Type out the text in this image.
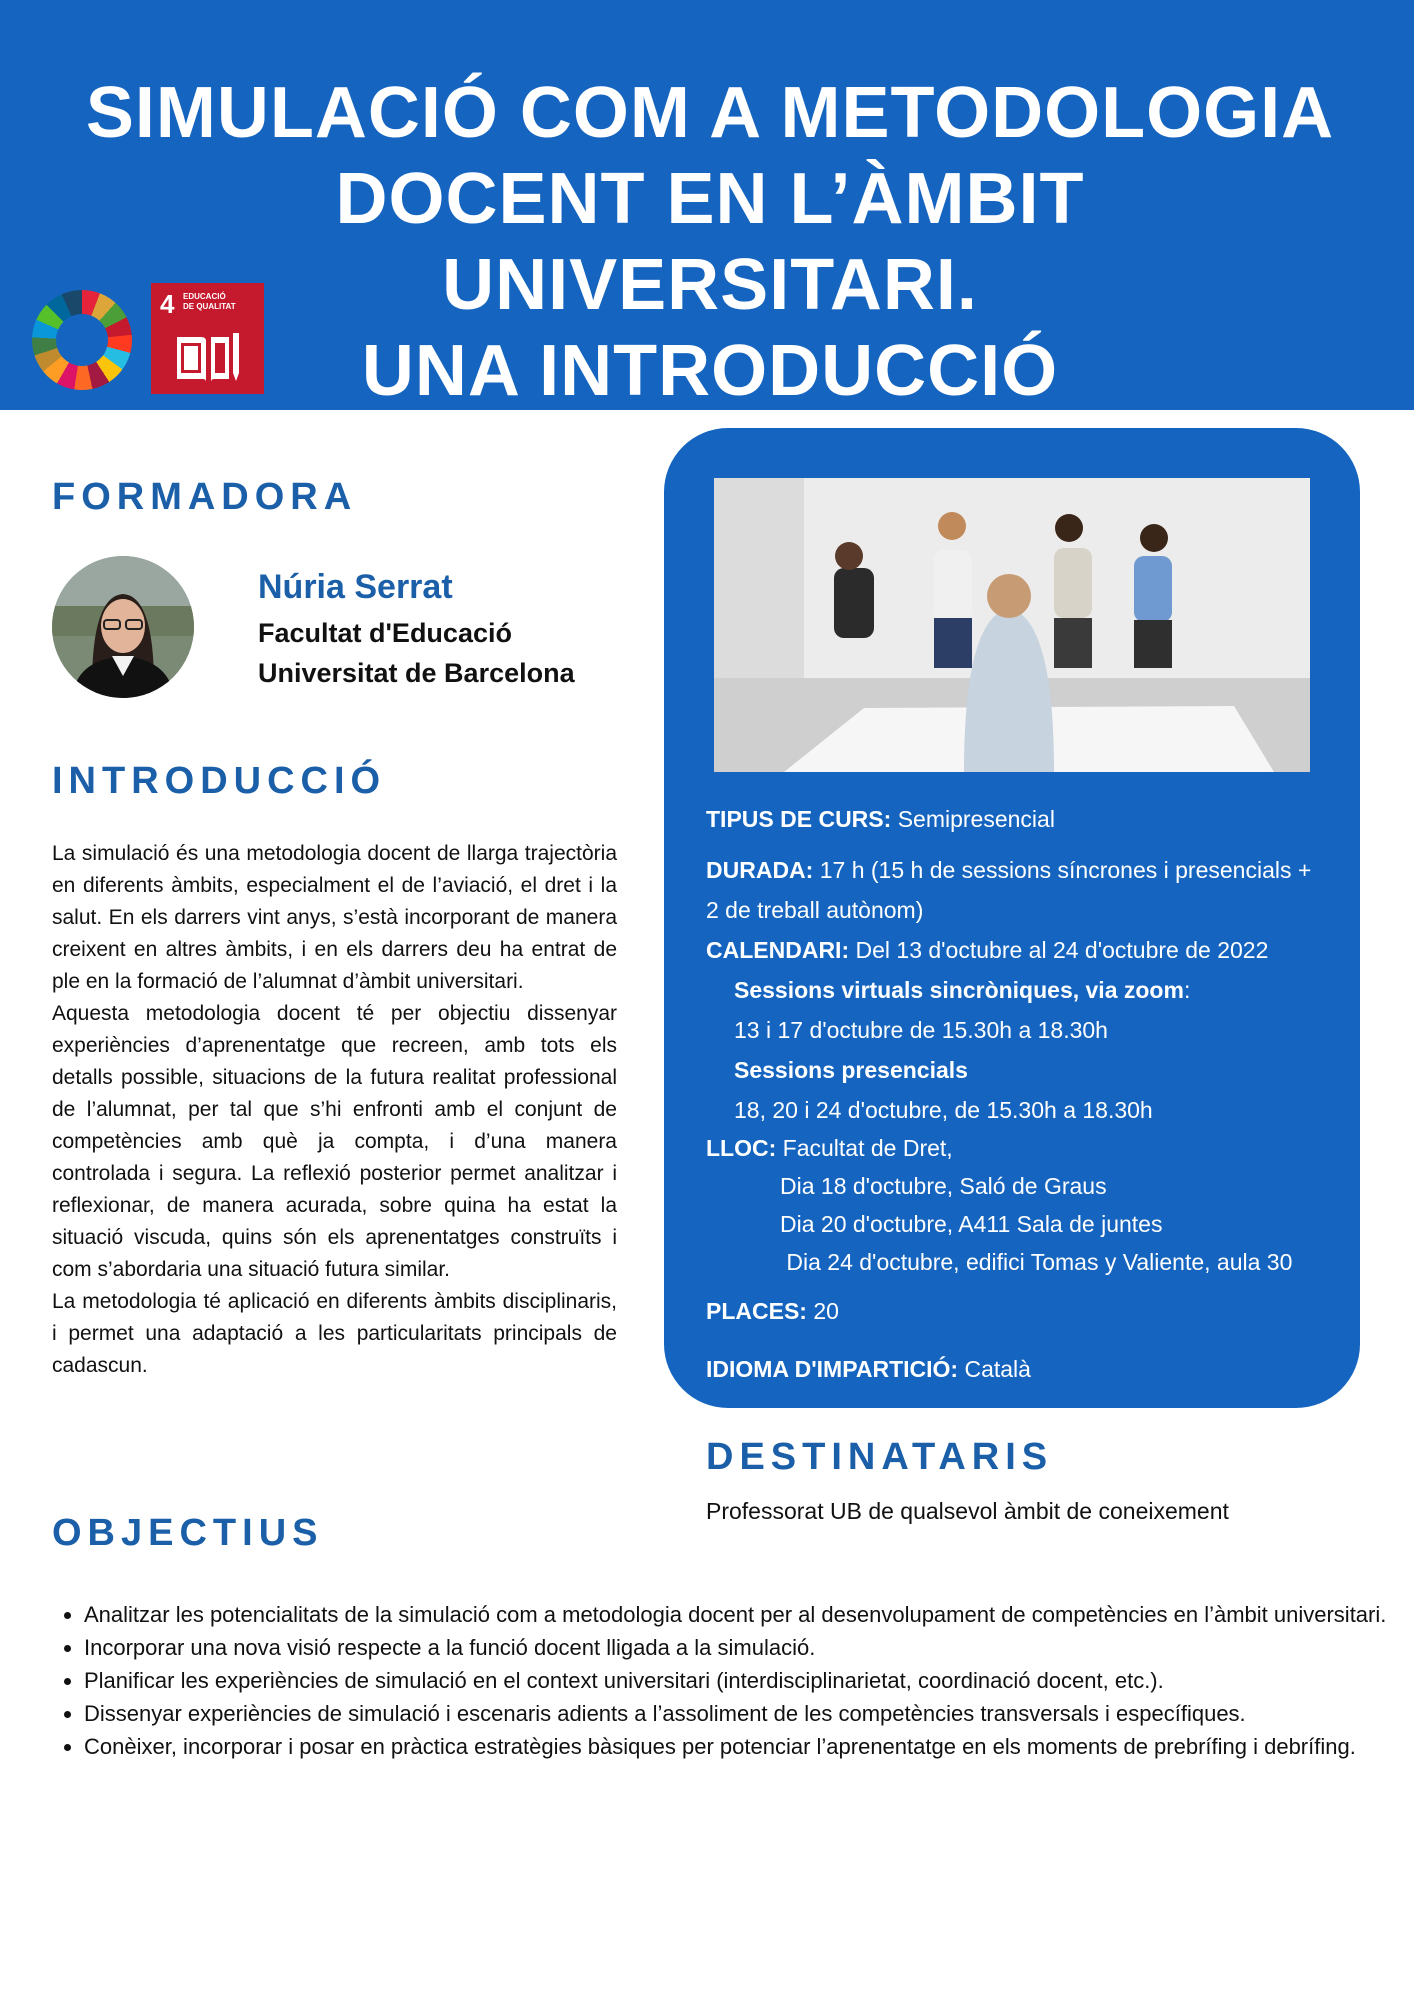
SIMULACIÓ COM A METODOLOGIA
DOCENT EN L’ÀMBIT UNIVERSITARI.
UNA INTRODUCCIÓ
4 EDUCACIÓ
DE QUALITAT
FORMADORA
Núria Serrat
Facultat d'Educació
Universitat de Barcelona
INTRODUCCIÓ

La simulació és una metodologia docent de llarga trajectòria en diferents àmbits, especialment el de l’aviació, el dret i la salut. En els darrers vint anys, s’està incorporant de manera creixent en altres àmbits, i en els darrers deu ha entrat de ple en la formació de l’alumnat d’àmbit universitari.

Aquesta metodologia docent té per objectiu dissenyar experiències d’aprenentatge que recreen, amb tots els detalls possible, situacions de la futura realitat professional de l’alumnat, per tal que s’hi enfronti amb el conjunt de competències amb què ja compta, i d’una manera controlada i segura. La reflexió posterior permet analitzar i reflexionar, de manera acurada, sobre quina ha estat la situació viscuda, quins són els aprenentatges construïts i com s’abordaria una situació futura similar.

La metodologia té aplicació en diferents àmbits disciplinaris, i permet una adaptació a les particularitats principals de cadascun.

TIPUS DE CURS: Semipresencial
DURADA: 17 h (15 h de sessions síncrones i presencials +
2 de treball autònom)
CALENDARI: Del 13 d'octubre al 24 d'octubre de 2022
Sessions virtuals sincròniques, via zoom:
13 i 17 d'octubre de 15.30h a 18.30h
Sessions presencials
18, 20 i 24 d'octubre, de 15.30h a 18.30h
LLOC: Facultat de Dret,
Dia 18 d'octubre, Saló de Graus
Dia 20 d'octubre, A411 Sala de juntes
Dia 24 d'octubre, edifici Tomas y Valiente, aula 30
PLACES: 20
IDIOMA D'IMPARTICIÓ: Català
DESTINATARIS
Professorat UB de qualsevol àmbit de coneixement
OBJECTIUS
• Analitzar les potencialitats de la simulació com a metodologia docent per al desenvolupament de competències en l’àmbit universitari.
• Incorporar una nova visió respecte a la funció docent lligada a la simulació.
• Planificar les experiències de simulació en el context universitari (interdisciplinarietat, coordinació docent, etc.).
• Dissenyar experiències de simulació i escenaris adients a l’assoliment de les competències transversals i específiques.
• Conèixer, incorporar i posar en pràctica estratègies bàsiques per potenciar l’aprenentatge en els moments de prebrífing i debrífing.
